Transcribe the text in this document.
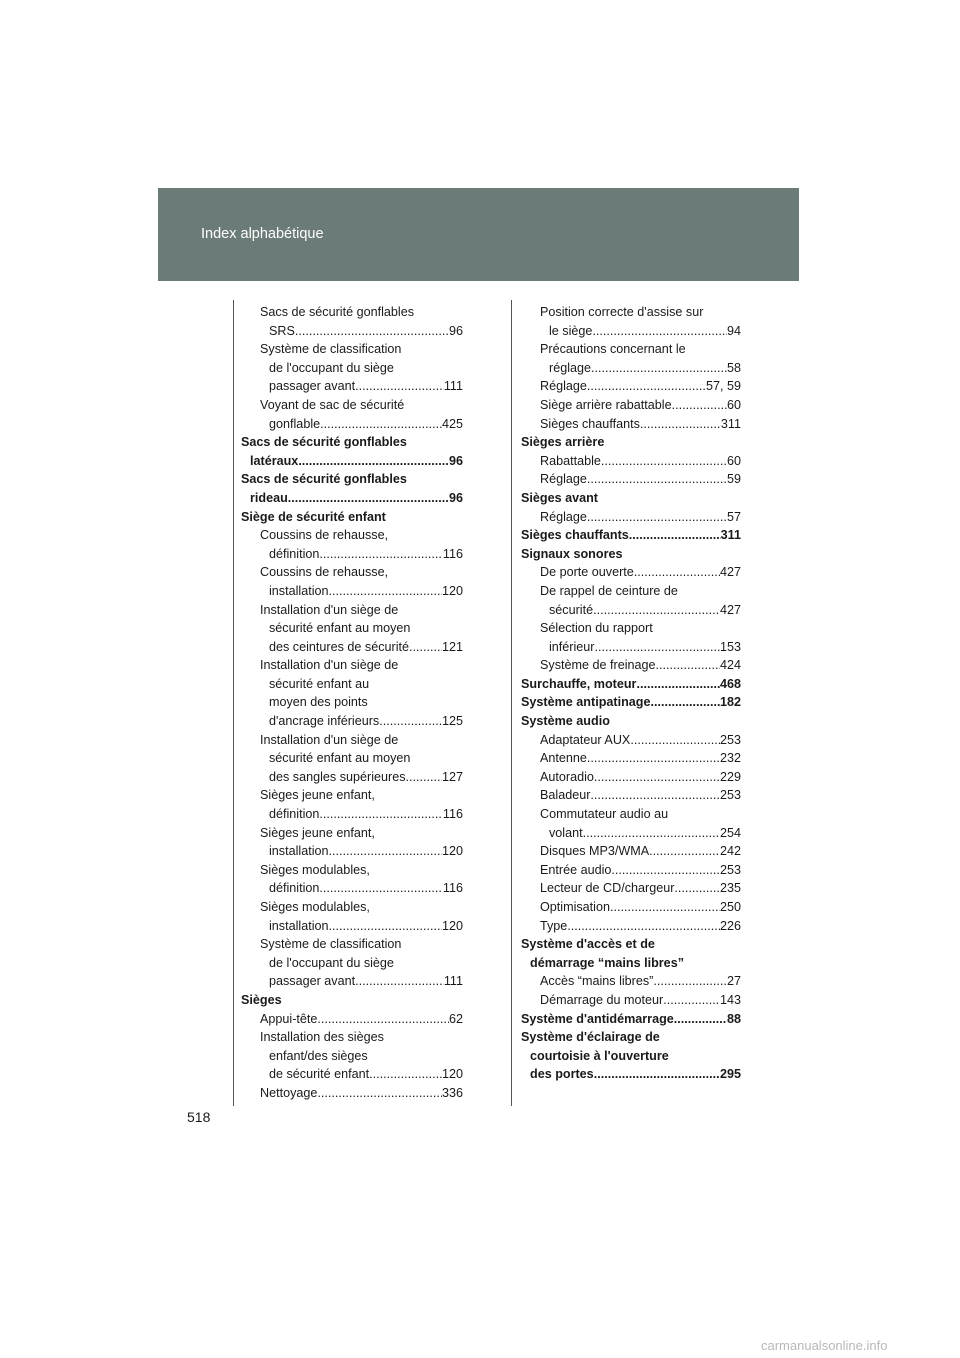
Index alphabétique
Sacs de sécurité gonflables
SRS .....	96
Système de classification
de l'occupant du siège
passager avant .....	111
Voyant de sac de sécurité
gonflable .....	425
Sacs de sécurité gonflables
latéraux .....	96
Sacs de sécurité gonflables
rideau .....	96
Siège de sécurité enfant
Coussins de rehausse,
définition .....	116
Coussins de rehausse,
installation .....	120
Installation d'un siège de
sécurité enfant au moyen
des ceintures de sécurité .....	121
Installation d'un siège de
sécurité enfant au
moyen des points
d'ancrage inférieurs .....	125
Installation d'un siège de
sécurité enfant au moyen
des sangles supérieures .....	127
Sièges jeune enfant,
définition .....	116
Sièges jeune enfant,
installation .....	120
Sièges modulables,
définition .....	116
Sièges modulables,
installation .....	120
Système de classification
de l'occupant du siège
passager avant .....	111
Sièges
Appui-tête .....	62
Installation des sièges
enfant/des sièges
de sécurité enfant .....	120
Nettoyage .....	336
Position correcte d'assise sur
le siège .....	94
Précautions concernant le
réglage .....	58
Réglage .....	57, 59
Siège arrière rabattable .....	60
Sièges chauffants .....	311
Sièges arrière
Rabattable .....	60
Réglage .....	59
Sièges avant
Réglage .....	57
Sièges chauffants .....	311
Signaux sonores
De porte ouverte .....	427
De rappel de ceinture de
sécurité .....	427
Sélection du rapport
inférieur .....	153
Système de freinage .....	424
Surchauffe, moteur .....	468
Système antipatinage .....	182
Système audio
Adaptateur AUX .....	253
Antenne .....	232
Autoradio .....	229
Baladeur .....	253
Commutateur audio au
volant .....	254
Disques MP3/WMA .....	242
Entrée audio .....	253
Lecteur de CD/chargeur .....	235
Optimisation .....	250
Type .....	226
Système d'accès et de
démarrage “mains libres”
Accès “mains libres” .....	27
Démarrage du moteur .....	143
Système d'antidémarrage .....	88
Système d'éclairage de
courtoisie à l'ouverture
des portes .....	295
518
carmanualsonline.info
